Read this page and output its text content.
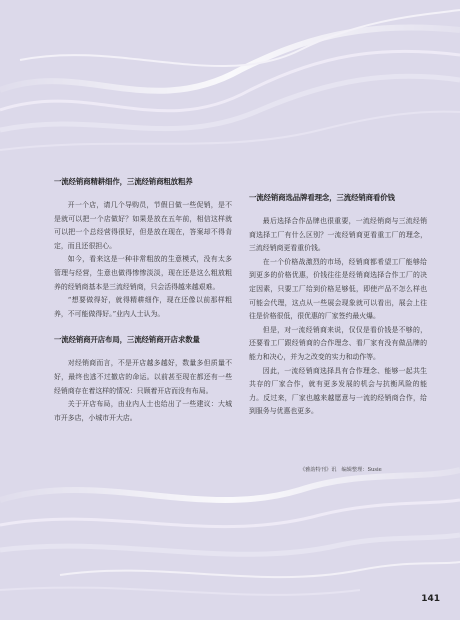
一流经销商精耕细作，三流经销商粗放粗养

开一个店，请几个导购员，节假日做一些促销，是不是就可以把一个店做好？如果是放在五年前，相信这样就可以把一个总经营得很好，但是放在现在，答案却不得肯定，而且还很担心。

如今，看来这是一种非常粗放的生意模式，没有太多管理与经营，生意也做得惨惨淡淡，现在还是这么粗放粗养的经销商基本是三流经销商，只会活得越来越艰难。

“想要做得好，就得精耕细作，现在还像以前那样粗养，不可能做得好。”业内人士认为。

一流经销商开店布局，三流经销商开店求数量

对经销商而言，不是开店越多越好，数量多但质量不好，最终也逃不过撤店的命运。以前甚至现在都还有一些经销商存在着这样的情况：只顾着开店而没有布局。

关于开店布局，由业内人士也给出了一些建议：大城市开多店，小城市开大店。

一流经销商选品牌看理念，三流经销商看价钱

最后选择合作品牌也很重要，一流经销商与三流经销商选择工厂有什么区别？一流经销商更看重工厂的理念，三流经销商更看重价钱。

在一个价格战激烈的市场，经销商都希望工厂能够给到更多的价格优惠，价钱往往是经销商选择合作工厂的决定因素，只要工厂给到价格足够低，即使产品不怎么样也可能会代理，这点从一些展会现象就可以看出，展会上往往是价格很低，很优惠的厂家签约最火爆。

但是，对一流经销商来说，仅仅是看价钱是不够的，还要看工厂跟经销商的合作理念、看厂家有没有做品牌的能力和决心，并为之改变的实力和动作等。

因此，一流经销商选择具有合作理念、能够一起共生共存的厂家合作，就有更多发展的机会与抗衡风险的能力。反过来，厂家也越来越愿意与一流的经销商合作，给到服务与优惠也更多。

《雅韵特刊》讯　编辑整理：Susie
141
